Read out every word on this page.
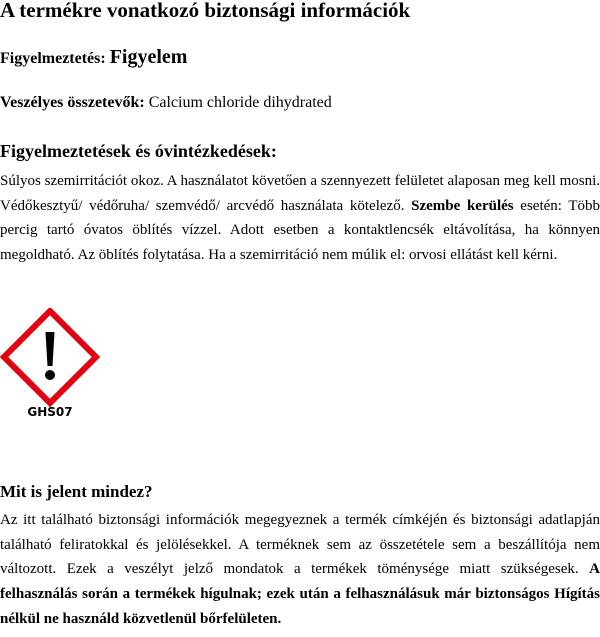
A termékre vonatkozó biztonsági információk
Figyelmeztetés: Figyelem
Veszélyes összetevők: Calcium chloride dihydrated
Figyelmeztetések és óvintézkedések:

Súlyos szemirritációt okoz. A használatot követően a szennyezett felületet alaposan meg kell mosni. Védőkesztyű/ védőruha/ szemvédő/ arcvédő használata kötelező. Szembe kerülés esetén: Több percig tartó óvatos öblítés vízzel. Adott esetben a kontaktlencsék eltávolítása, ha könnyen megoldható. Az öblítés folytatása. Ha a szemirritáció nem múlik el: orvosi ellátást kell kérni.

GHS07
Mit is jelent mindez?

Az itt található biztonsági információk megegyeznek a termék címkéjén és biztonsági adatlapján található feliratokkal és jelölésekkel. A terméknek sem az összetétele sem a beszállítója nem változott. Ezek a veszélyt jelző mondatok a termékek töménysége miatt szükségesek. A felhasználás során a termékek hígulnak; ezek után a felhasználásuk már biztonságos Hígítás nélkül ne használd közvetlenül bőrfelületen.
